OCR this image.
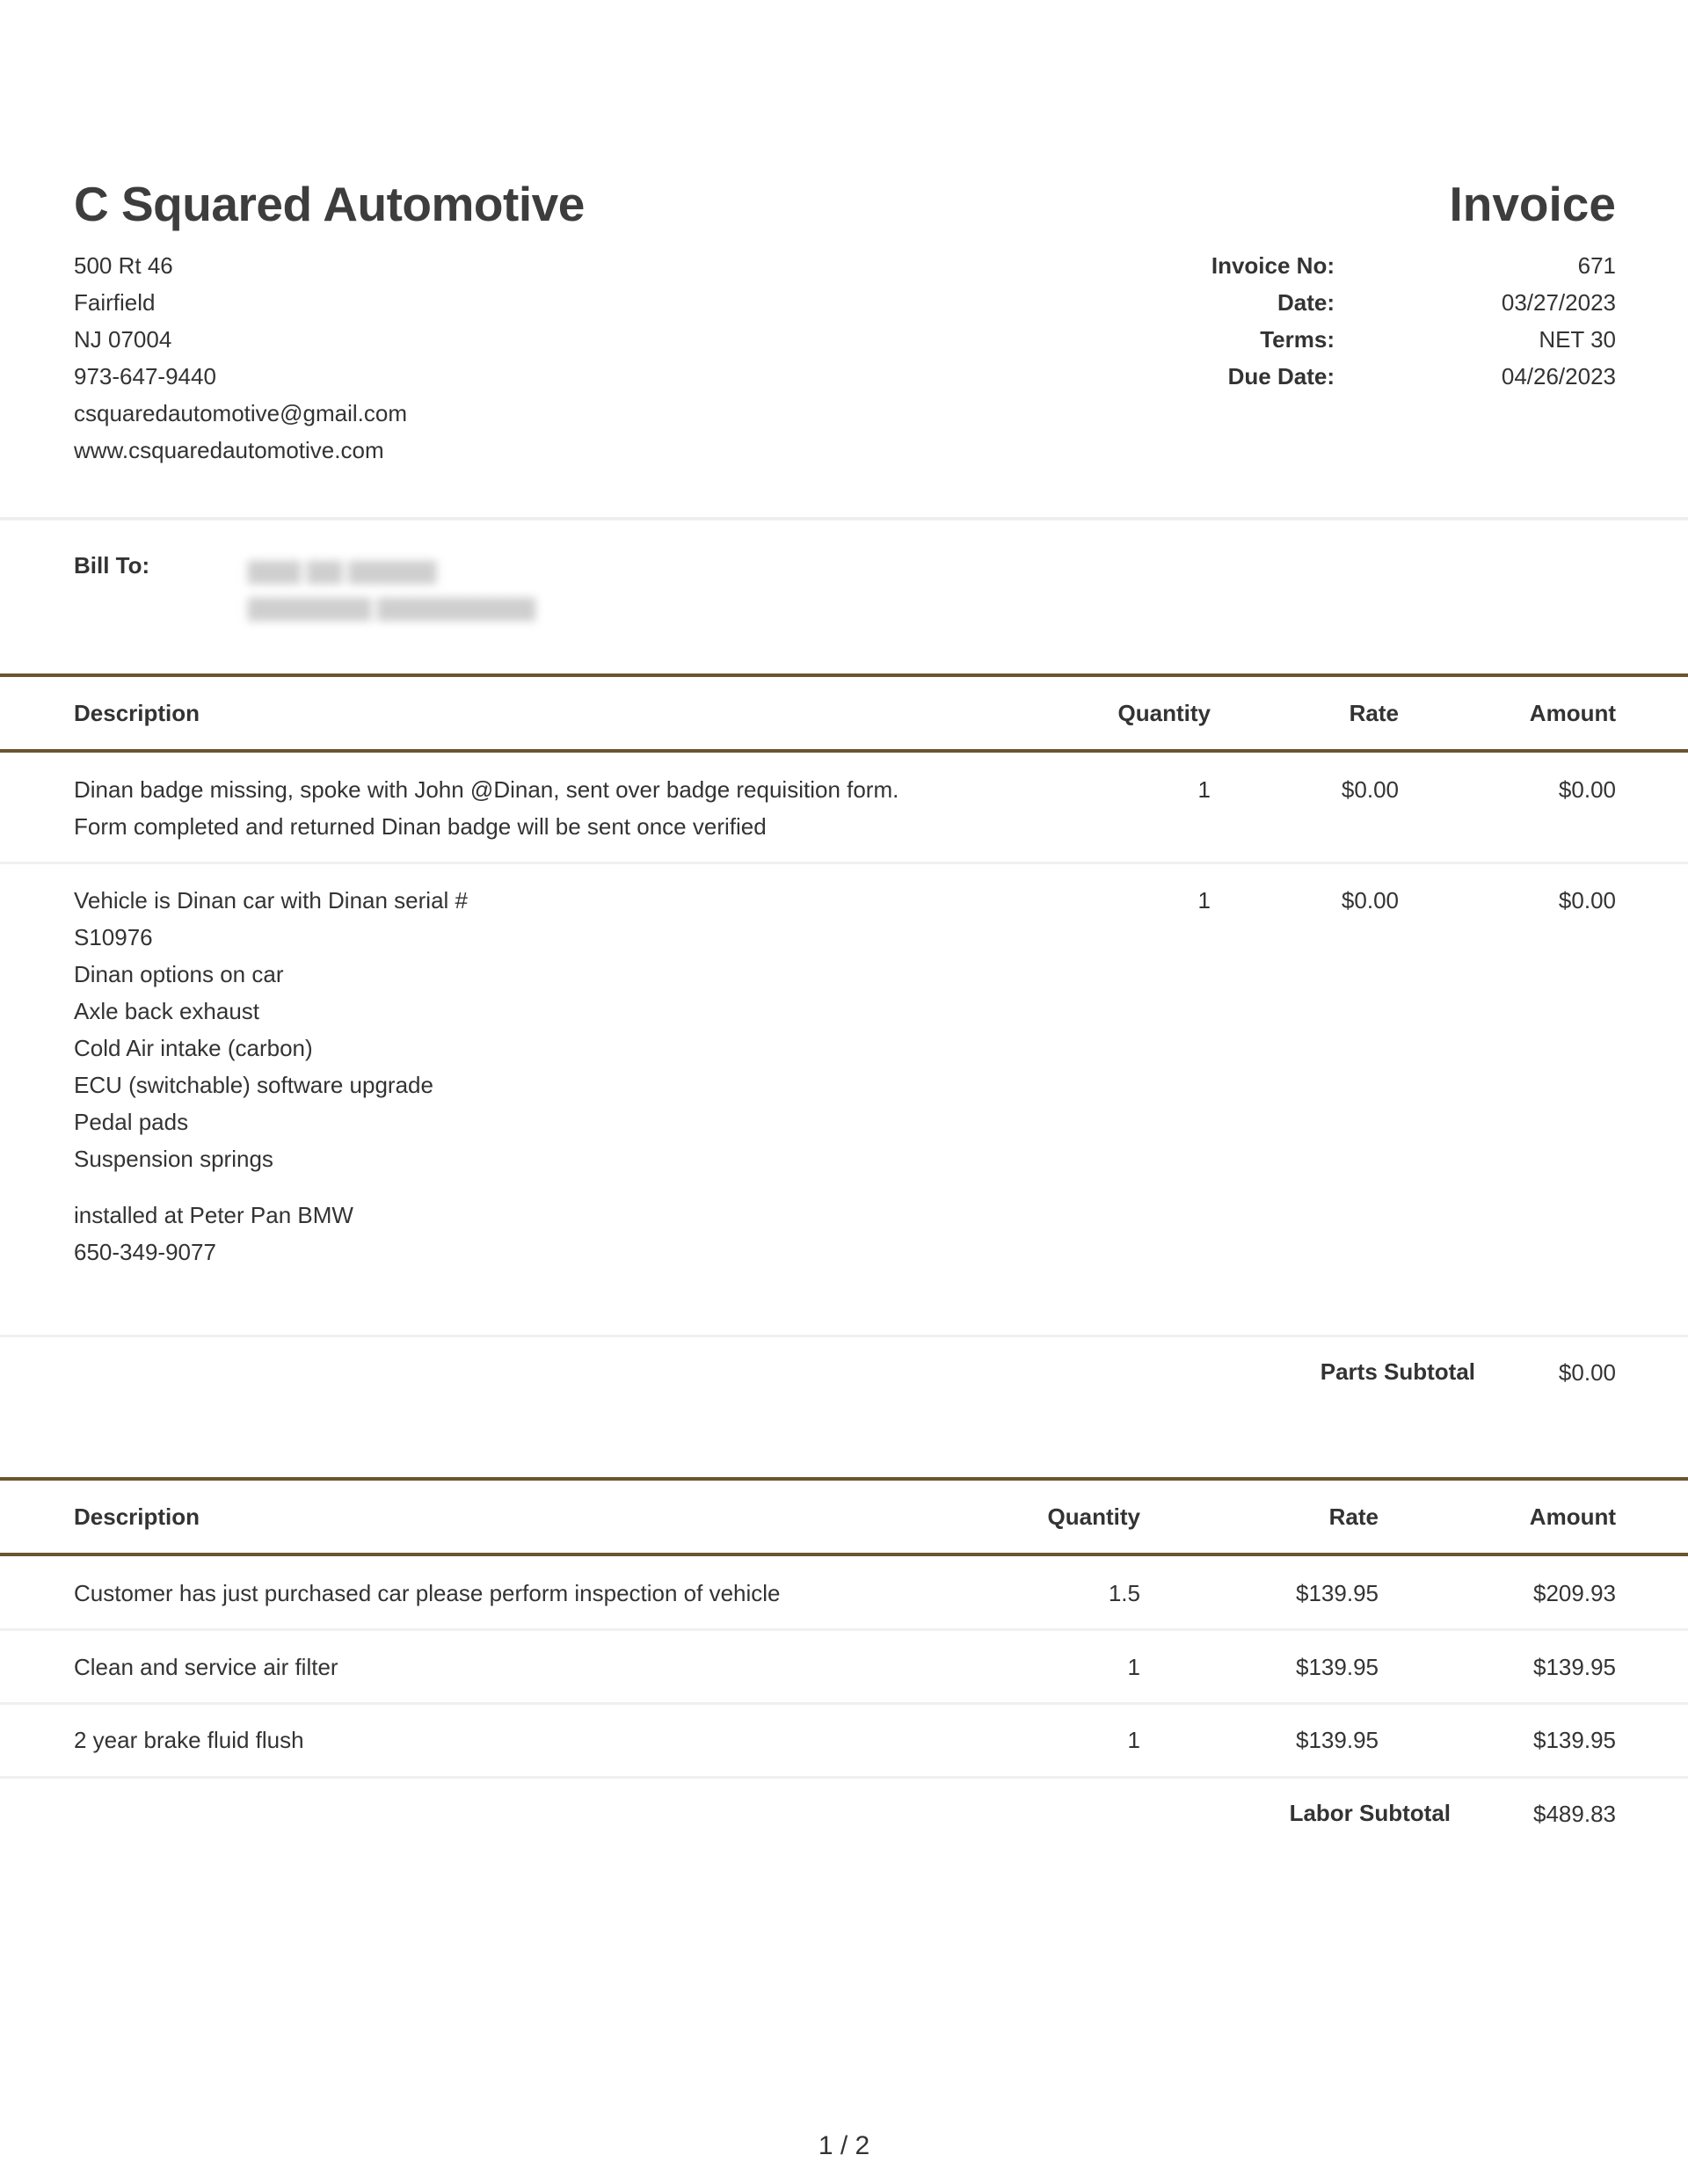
C Squared Automotive	Invoice
500 Rt 46
Fairfield
NJ 07004
973-647-9440
csquaredautomotive@gmail.com
www.csquaredautomotive.com
Invoice No:	671
Date:	03/27/2023
Terms:	NET 30
Due Date:	04/26/2023
Bill To:	▇▇▇ ▇▇ ▇▇▇▇▇
▇▇▇▇▇▇▇ ▇▇▇▇▇▇▇▇▇
Description	Quantity	Rate	Amount
Dinan badge missing, spoke with John @Dinan, sent over badge requisition form.
Form completed and returned Dinan badge will be sent once verified
1	$0.00	$0.00
Vehicle is Dinan car with Dinan serial #
S10976
Dinan options on car
Axle back exhaust
Cold Air intake (carbon)
ECU (switchable) software upgrade
Pedal pads
Suspension springs
installed at Peter Pan BMW
650-349-9077
1	$0.00	$0.00
Parts Subtotal	$0.00
Description	Quantity	Rate	Amount
Customer has just purchased car please perform inspection of vehicle	1.5	$139.95	$209.93
Clean and service air filter	1	$139.95	$139.95
2 year brake fluid flush	1	$139.95	$139.95
Labor Subtotal	$489.83
1 / 2
